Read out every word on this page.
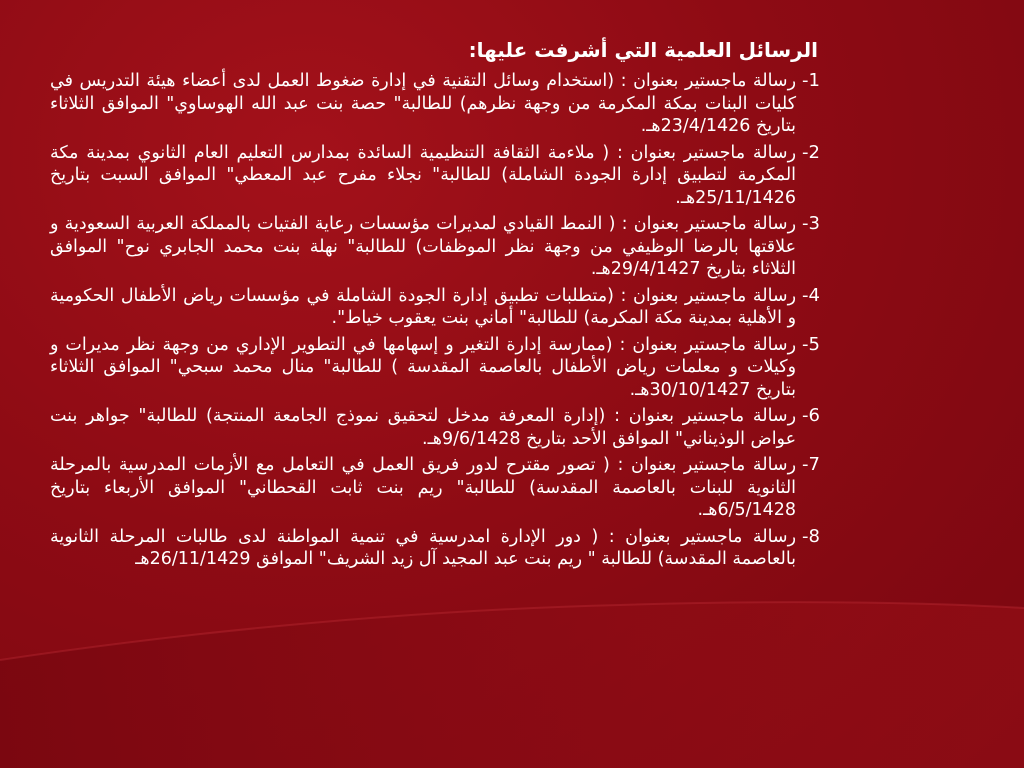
الرسائل العلمية التي أشرفت عليها:
1-
رسالة ماجستير بعنوان : (استخدام وسائل التقنية في إدارة ضغوط العمل لدى أعضاء هيئة التدريس في كليات البنات بمكة المكرمة من وجهة نظرهم) للطالبة" حصة بنت عبد الله الهوساوي" الموافق الثلاثاء بتاريخ 23/4/1426هـ.
2-
رسالة ماجستير بعنوان : ( ملاءمة الثقافة التنظيمية السائدة بمدارس التعليم العام الثانوي بمدينة مكة المكرمة لتطبيق إدارة الجودة الشاملة) للطالبة" نجلاء مفرح عبد المعطي" الموافق السبت بتاريخ 25/11/1426هـ.
3-
رسالة ماجستير بعنوان : ( النمط القيادي لمديرات مؤسسات رعاية الفتيات بالمملكة العربية السعودية و علاقتها بالرضا الوظيفي من وجهة نظر الموظفات) للطالبة" نهلة بنت محمد الجابري نوح" الموافق الثلاثاء بتاريخ 29/4/1427هـ.
4-
رسالة ماجستير بعنوان : (متطلبات تطبيق إدارة الجودة الشاملة في مؤسسات رياض الأطفال الحكومية و الأهلية بمدينة مكة المكرمة) للطالبة" أماني بنت يعقوب خياط".
5-
رسالة ماجستير بعنوان : (ممارسة إدارة التغير و إسهامها في التطوير الإداري من وجهة نظر مديرات و وكيلات و معلمات رياض الأطفال بالعاصمة المقدسة ) للطالبة" منال محمد سبحي" الموافق الثلاثاء بتاريخ 30/10/1427هـ.
6-
رسالة ماجستير بعنوان : (إدارة المعرفة مدخل لتحقيق نموذج الجامعة المنتجة) للطالبة" جواهر بنت عواض الوذيناني" الموافق الأحد بتاريخ 9/6/1428هـ.
7-
رسالة ماجستير بعنوان : ( تصور مقترح لدور فريق العمل في التعامل مع الأزمات المدرسية بالمرحلة الثانوية للبنات بالعاصمة المقدسة) للطالبة" ريم بنت ثابت القحطاني" الموافق الأربعاء بتاريخ 6/5/1428هـ.
8-
رسالة ماجستير بعنوان : ( دور الإدارة امدرسية في تنمية المواطنة لدى طالبات المرحلة الثانوية بالعاصمة المقدسة) للطالبة " ريم بنت عبد المجيد آل زيد الشريف" الموافق 26/11/1429هـ
